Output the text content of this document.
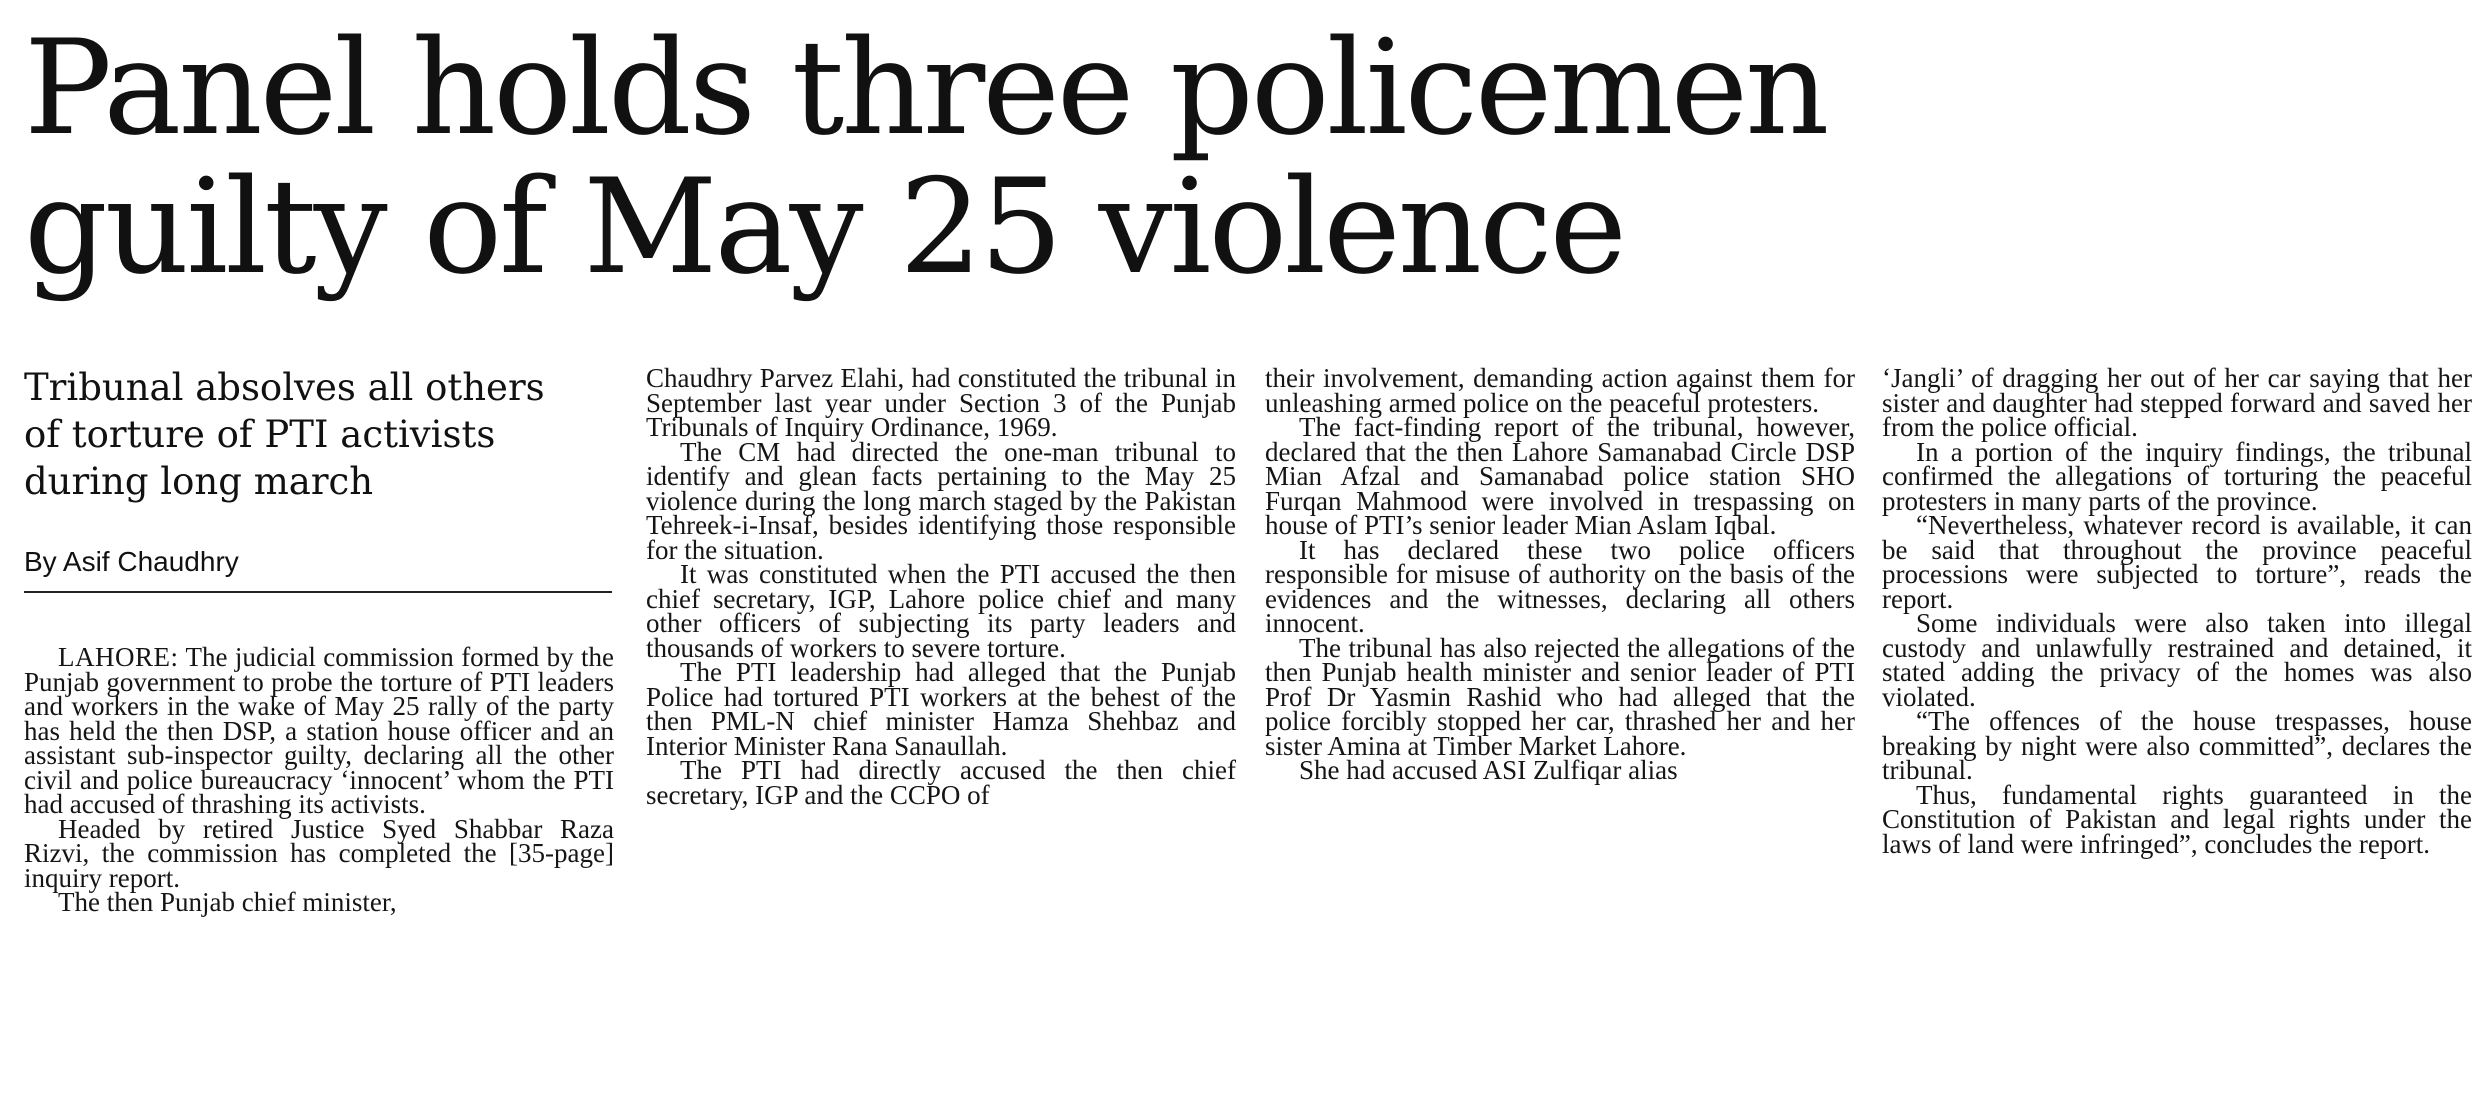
Panel holds three policemen
guilty of May 25 violence
Tribunal absolves all others
of torture of PTI activists
during long march
By Asif Chaudhry

LAHORE: The judicial commission formed by the Punjab government to probe the torture of PTI leaders and workers in the wake of May 25 rally of the party has held the then DSP, a station house officer and an assistant sub-inspector guilty, declaring all the other civil and police bureaucracy ‘innocent’ whom the PTI had accused of thrashing its activists.

Headed by retired Justice Syed Shabbar Raza Rizvi, the commission has completed the [35-page] inquiry report.

The then Punjab chief minister,

Chaudhry Parvez Elahi, had constituted the tribunal in September last year under Section 3 of the Punjab Tribunals of Inquiry Ordinance, 1969.

The CM had directed the one-man tribunal to identify and glean facts pertaining to the May 25 violence during the long march staged by the Pakistan Tehreek-i-Insaf, besides identifying those responsible for the situation.

It was constituted when the PTI accused the then chief secretary, IGP, Lahore police chief and many other officers of subjecting its party leaders and thousands of workers to severe torture.

The PTI leadership had alleged that the Punjab Police had tortured PTI workers at the behest of the then PML-N chief minister Hamza Shehbaz and Interior Minister Rana Sanaullah.

The PTI had directly accused the then chief secretary, IGP and the CCPO of

their involvement, demanding action against them for unleashing armed police on the peaceful protesters.

The fact-finding report of the tribunal, however, declared that the then Lahore Samanabad Circle DSP Mian Afzal and Samanabad police station SHO Furqan Mahmood were involved in trespassing on house of PTI’s senior leader Mian Aslam Iqbal.

It has declared these two police officers responsible for misuse of authority on the basis of the evidences and the witnesses, declaring all others innocent.

The tribunal has also rejected the allegations of the then Punjab health minister and senior leader of PTI Prof Dr Yasmin Rashid who had alleged that the police forcibly stopped her car, thrashed her and her sister Amina at Timber Market Lahore.

She had accused ASI Zulfiqar alias

‘Jangli’ of dragging her out of her car saying that her sister and daughter had stepped forward and saved her from the police official.

In a portion of the inquiry findings, the tribunal confirmed the allegations of torturing the peaceful protesters in many parts of the province.

“Nevertheless, whatever record is available, it can be said that throughout the province peaceful processions were subjected to torture”, reads the report.

Some individuals were also taken into illegal custody and unlawfully restrained and detained, it stated adding the privacy of the homes was also violated.

“The offences of the house trespasses, house breaking by night were also committed”, declares the tribunal.

Thus, fundamental rights guaranteed in the Constitution of Pakistan and legal rights under the laws of land were infringed”, concludes the report.
